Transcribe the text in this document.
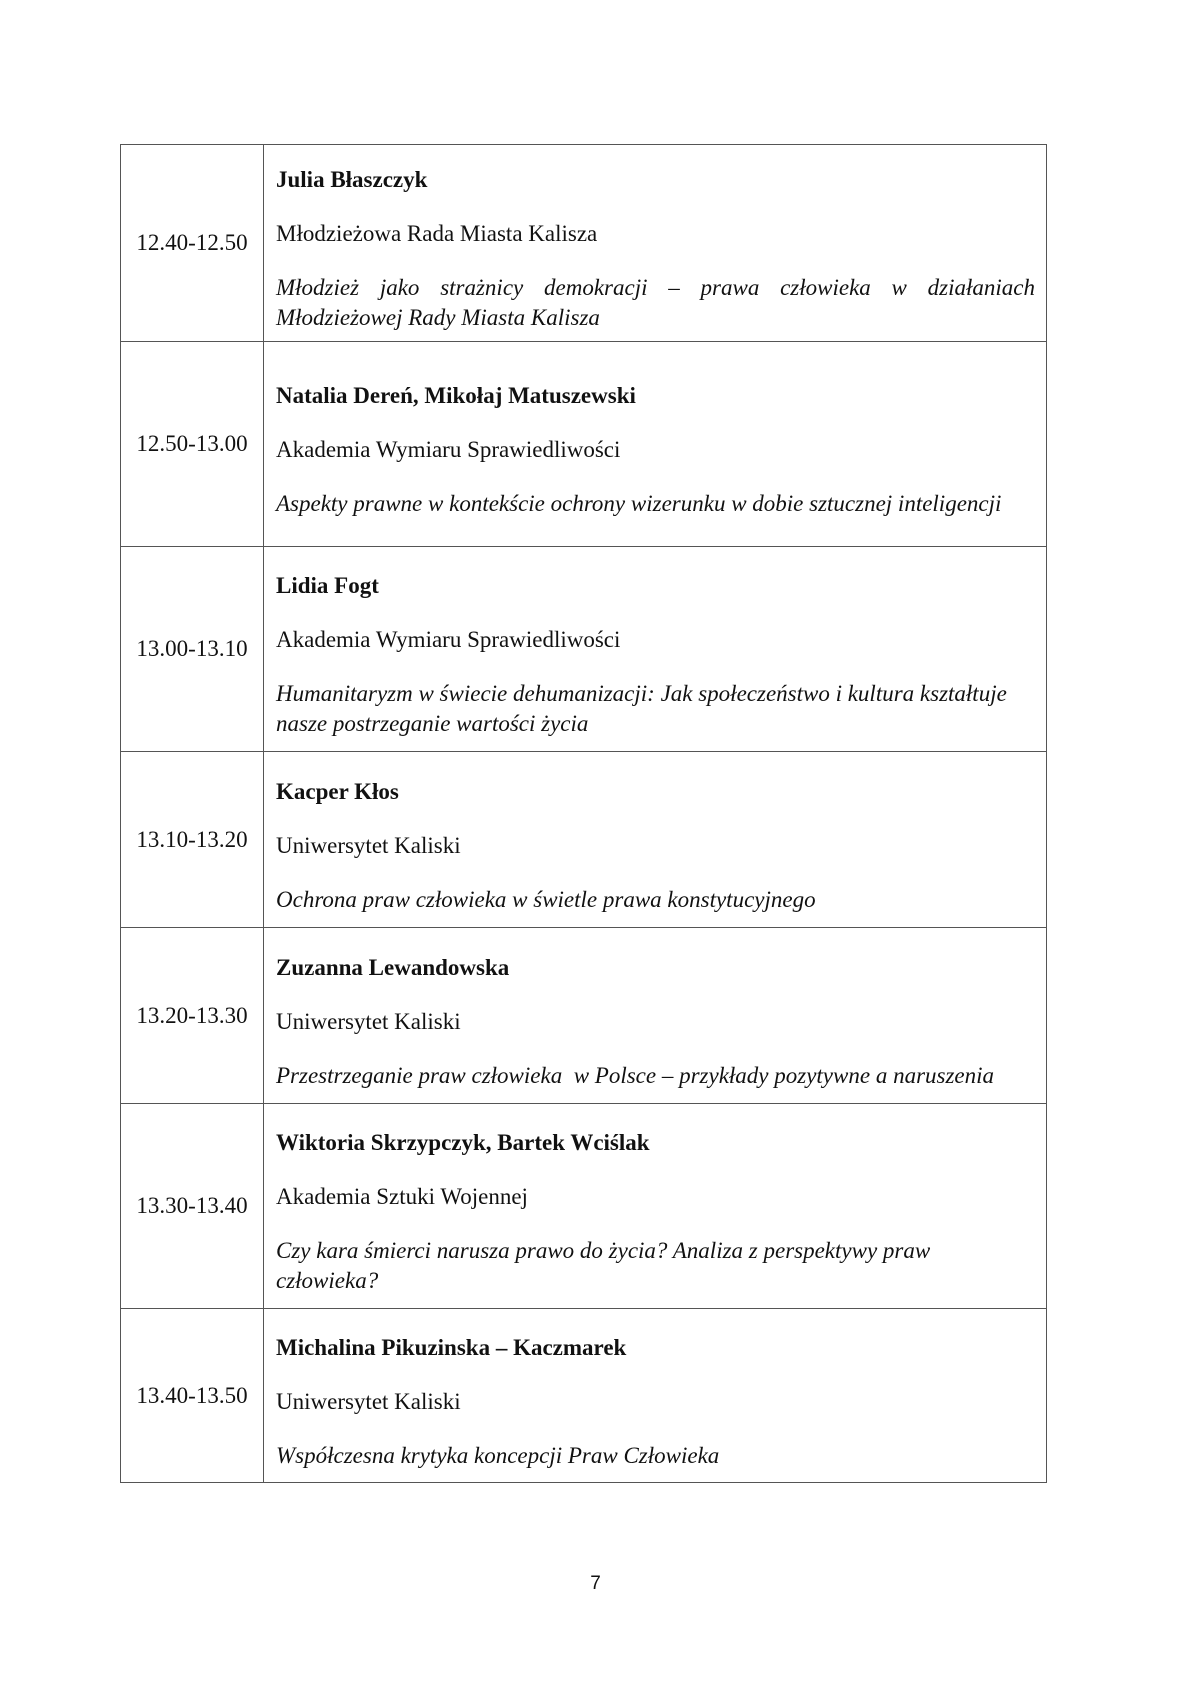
12.40-12.50	Julia Błaszczyk
Młodzieżowa Rada Miasta Kalisza
Młodzież jako strażnicy demokracji – prawa człowieka w działaniach Młodzieżowej Rady Miasta Kalisza

12.50-13.00	Natalia Dereń, Mikołaj Matuszewski
Akademia Wymiaru Sprawiedliwości
Aspekty prawne w kontekście ochrony wizerunku w dobie sztucznej inteligencji

13.00-13.10	Lidia Fogt
Akademia Wymiaru Sprawiedliwości
Humanitaryzm w świecie dehumanizacji: Jak społeczeństwo i kultura kształtuje nasze postrzeganie wartości życia

13.10-13.20	Kacper Kłos
Uniwersytet Kaliski
Ochrona praw człowieka w świetle prawa konstytucyjnego

13.20-13.30	Zuzanna Lewandowska
Uniwersytet Kaliski
Przestrzeganie praw człowieka  w Polsce – przykłady pozytywne a naruszenia

13.30-13.40	Wiktoria Skrzypczyk, Bartek Wciślak
Akademia Sztuki Wojennej
Czy kara śmierci narusza prawo do życia? Analiza z perspektywy praw człowieka?

13.40-13.50	Michalina Pikuzinska – Kaczmarek
Uniwersytet Kaliski
Współczesna krytyka koncepcji Praw Człowieka
7
